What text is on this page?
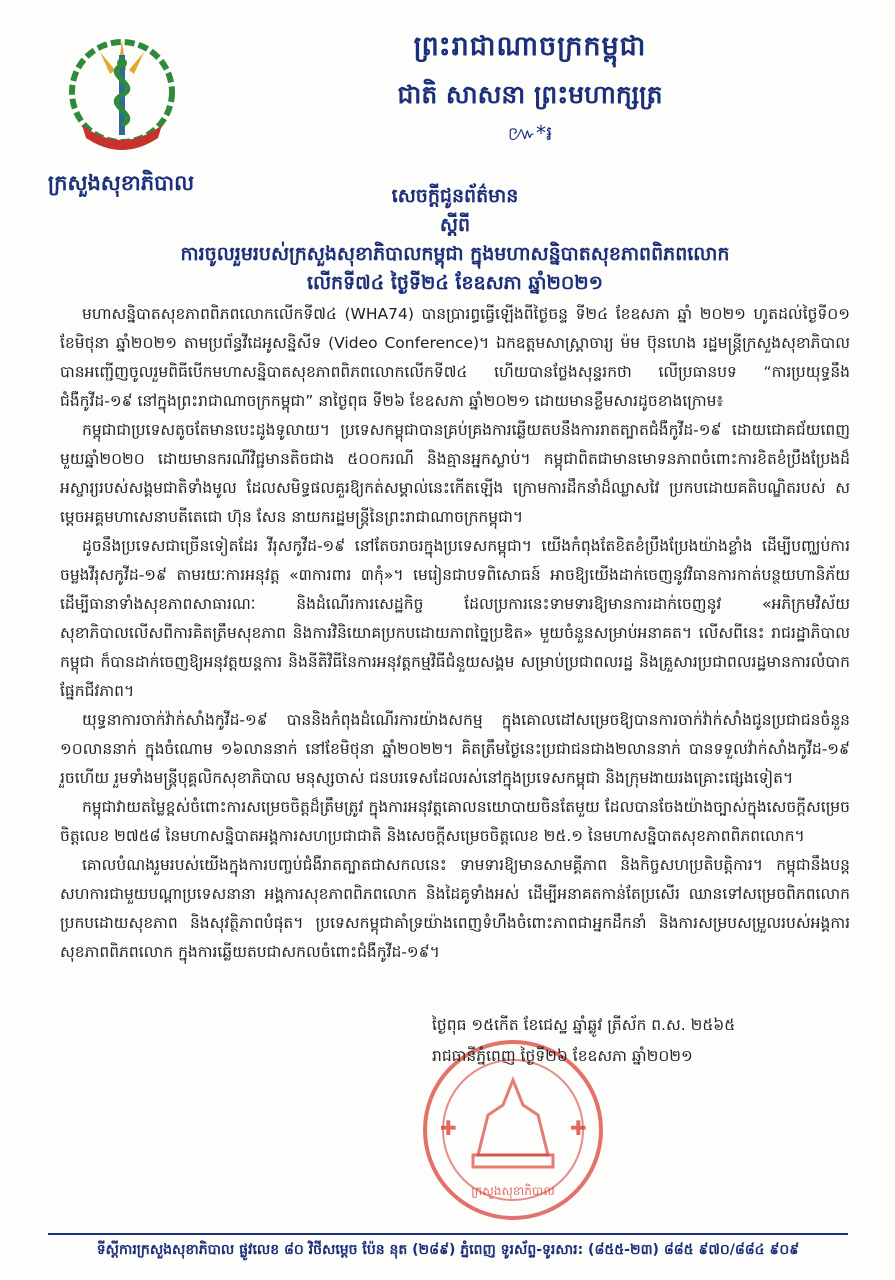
ក្រសួងសុខាភិបាល
ព្រះរាជាណាចក្រកម្ពុជា
ជាតិ សាសនា ព្រះមហាក្សត្រ
៚*៛
សេចក្តីជូនព័ត៌មាន
ស្តីពី
ការចូលរួមរបស់ក្រសួងសុខាភិបាលកម្ពុជា ក្នុងមហាសន្និបាតសុខភាពពិភពលោក
លើកទី៧៤ ថ្ងៃទី២៤ ខែឧសភា ឆ្នាំ២០២១

មហាសន្និបាតសុខភាពពិភពលោកលើកទី៧៤ (WHA74) បានប្រារព្ធធ្វើឡើងពីថ្ងៃចន្ទ ទី២៤ ខែឧសភា ឆ្នាំ ២០២១ ហូតដល់ថ្ងៃទី០១ ខែមិថុនា ឆ្នាំ២០២១ តាមប្រព័ន្ធវីដេអូសន្និសីទ (Video Conference)។ ឯកឧត្តមសាស្ត្រាចារ្យ ម៉ម ប៊ុនហេង រដ្ឋមន្ត្រីក្រសួងសុខាភិបាល បានអញ្ជើញចូលរួមពិធីបើកមហាសន្និបាតសុខភាពពិភពលោកលើកទី៧៤ ហើយបានថ្លែងសុន្ទរកថា លើប្រធានបទ “ការប្រយុទ្ធនឹងជំងឺកូវីដ-១៩ នៅក្នុងព្រះរាជាណាចក្រកម្ពុជា” នាថ្ងៃពុធ ទី២៦ ខែឧសភា ឆ្នាំ២០២១ ដោយមានខ្លឹមសារដូចខាងក្រោម៖

កម្ពុជាជាប្រទេសតូចតែមានបេះដូងទូលាយ។ ប្រទេសកម្ពុជាបានគ្រប់គ្រងការឆ្លើយតបនឹងការរាតត្បាតជំងឺកូវីដ-១៩ ដោយជោគជ័យពេញមួយឆ្នាំ២០២០ ដោយមានករណីវិជ្ជមានតិចជាង ៥០០ករណី និងគ្មានអ្នកស្លាប់។ កម្ពុជាពិតជាមានមោទនភាពចំពោះការខិតខំប្រឹងប្រែងដ៏អស្ចារ្យរបស់សង្គមជាតិទាំងមូល ដែលសមិទ្ធផលគួរឱ្យកត់សម្គាល់នេះកើតឡើង ក្រោមការដឹកនាំដ៏ឈ្លាសវៃ ប្រកបដោយគតិបណ្ឌិតរបស់ សម្តេចអគ្គមហាសេនាបតីតេជោ ហ៊ុន សែន នាយករដ្ឋមន្ត្រីនៃព្រះរាជាណាចក្រកម្ពុជា។

ដូចនឹងប្រទេសជាច្រើនទៀតដែរ វីរុសកូវីដ-១៩ នៅតែចរាចរក្នុងប្រទេសកម្ពុជា។ យើងកំពុងតែខិតខំប្រឹងប្រែងយ៉ាងខ្លាំង ដើម្បីបញ្ឈប់ការចម្លងវីរុសកូវីដ-១៩ តាមរយៈការអនុវត្ត «៣ការពារ ៣កុំ»។ មេរៀនជាបទពិសោធន៍ អាចឱ្យយើងដាក់ចេញនូវវិធានការកាត់បន្ថយហានិភ័យ ដើម្បីធានាទាំងសុខភាពសាធារណៈ និងដំណើរការសេដ្ឋកិច្ច ដែលប្រការនេះទាមទារឱ្យមានការដាក់ចេញនូវ «អភិក្រមវិស័យសុខាភិបាលលើសពីការគិតត្រឹមសុខភាព និងការវិនិយោគប្រកបដោយភាពច្នៃប្រឌិត» មួយចំនួនសម្រាប់អនាគត។ លើសពីនេះ រាជរដ្ឋាភិបាលកម្ពុជា ក៏បានដាក់ចេញឱ្យអនុវត្តយន្តការ និងនីតិវិធីនៃការអនុវត្តកម្មវិធីជំនួយសង្គម សម្រាប់ប្រជាពលរដ្ឋ និងគ្រួសារប្រជាពលរដ្ឋមានការលំបាកផ្នែកជីវភាព។

យុទ្ធនាការចាក់វ៉ាក់សាំងកូវីដ-១៩ បាននិងកំពុងដំណើរការយ៉ាងសកម្ម ក្នុងគោលដៅសម្រេចឱ្យបានការចាក់វ៉ាក់សាំងជូនប្រជាជនចំនួន ១០លាននាក់ ក្នុងចំណោម ១៦លាននាក់ នៅខែមិថុនា ឆ្នាំ២០២២។ គិតត្រឹមថ្ងៃនេះប្រជាជនជាង២លាននាក់ បានទទួលវ៉ាក់សាំងកូវីដ-១៩ រួចហើយ រួមទាំងមន្ត្រីបុគ្គលិកសុខាភិបាល មនុស្សចាស់ ជនបរទេសដែលរស់នៅក្នុងប្រទេសកម្ពុជា និងក្រុមងាយរងគ្រោះផ្សេងទៀត។

កម្ពុជាវាយតម្លៃខ្ពស់ចំពោះការសម្រេចចិត្តដ៏ត្រឹមត្រូវ ក្នុងការអនុវត្តគោលនយោបាយចិនតែមួយ ដែលបានចែងយ៉ាងច្បាស់ក្នុងសេចក្តីសម្រេចចិត្តលេខ ២៧៥៨ នៃមហាសន្និបាតអង្គការសហប្រជាជាតិ និងសេចក្តីសម្រេចចិត្តលេខ ២៥.១ នៃមហាសន្និបាតសុខភាពពិភពលោក។

គោលបំណងរួមរបស់យើងក្នុងការបញ្ចប់ជំងឺរាតត្បាតជាសកលនេះ ទាមទារឱ្យមានសាមគ្គីភាព និងកិច្ចសហប្រតិបត្តិការ។ កម្ពុជានឹងបន្តសហការជាមួយបណ្តាប្រទេសនានា អង្គការសុខភាពពិភពលោក និងដៃគូទាំងអស់ ដើម្បីអនាគតកាន់តែប្រសើរ ឈានទៅសម្រេចពិភពលោក ប្រកបដោយសុខភាព និងសុវត្ថិភាពបំផុត។ ប្រទេសកម្ពុជាគាំទ្រយ៉ាងពេញទំហឹងចំពោះភាពជាអ្នកដឹកនាំ និងការសម្របសម្រួលរបស់អង្គការសុខភាពពិភពលោក ក្នុងការឆ្លើយតបជាសកលចំពោះជំងឺកូវីដ-១៩។

✚	✚
ក្រសួងសុខាភិបាល
ថ្ងៃពុធ ១៥កើត ខែជេស្ឋ ឆ្នាំឆ្លូវ ត្រីស័ក ព.ស. ២៥៦៥
រាជធានីភ្នំពេញ ថ្ងៃទី២៦ ខែឧសភា ឆ្នាំ២០២១
ទីស្តីការក្រសួងសុខាភិបាល ផ្លូវលេខ ៨០ វិថីសម្តេច ប៉ែន នុត (២៨៩) ភ្នំពេញ ទូរស័ព្ទ-ទូរសារ: (៨៥៥-២៣) ៨៨៥ ៩៧០/៨៨៤ ៩០៩
